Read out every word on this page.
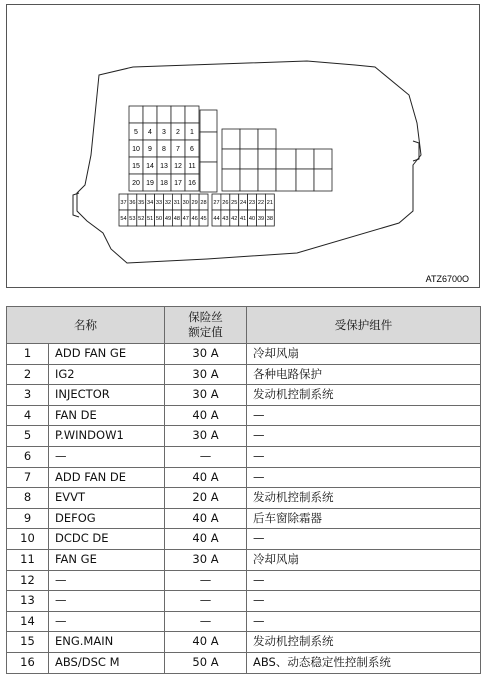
5 4 3 2 1
10 9 8 7 6
15 14 13 12 11
20 19 18 17 16
37 36 35 34 33 32 31 30 29 28 27 26 25 24 23 22 21
54 53 52 51 50 49 48 47 46 45 44 43 42 41 40 39 38
ATZ6700O
名称		保险丝
额定值	受保护组件
1	ADD FAN GE	30 A	冷却风扇
2	IG2	30 A	各种电路保护
3	INJECTOR	30 A	发动机控制系统
4	FAN DE	40 A	—
5	P.WINDOW1	30 A	—
6	—	—	—
7	ADD FAN DE	40 A	—
8	EVVT	20 A	发动机控制系统
9	DEFOG	40 A	后车窗除霜器
10	DCDC DE	40 A	—
11	FAN GE	30 A	冷却风扇
12	—	—	—
13	—	—	—
14	—	—	—
15	ENG.MAIN	40 A	发动机控制系统
16	ABS/DSC M	50 A	ABS、动态稳定性控制系统
